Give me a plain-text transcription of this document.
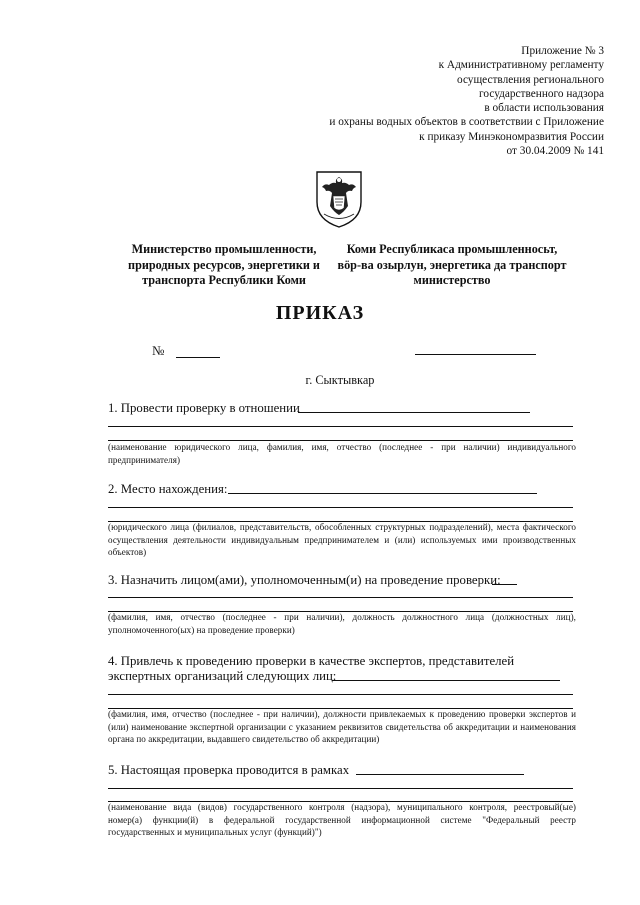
Приложение № 3
к Административному регламенту
осуществления регионального
государственного надзора
в области использования
и охраны водных объектов в соответствии с Приложение
к приказу Минэкономразвития России
от 30.04.2009 № 141
Министерство промышленности,
природных ресурсов, энергетики и
транспорта Республики Коми
Коми Республикаса промышленносьт,
вӧр-ва озырлун, энергетика да транспорт
министерство
ПРИКАЗ
№
г. Сыктывкар
1. Провести проверку в отношении
(наименование юридического лица, фамилия, имя, отчество (последнее - при наличии) индивидуального предпринимателя)
2. Место нахождения:
(юридического лица (филиалов, представительств, обособленных структурных подразделений), места фактического осуществления деятельности индивидуальным предпринимателем и (или) используемых ими производственных объектов)
3. Назначить лицом(ами), уполномоченным(и) на проведение проверки:
(фамилия, имя, отчество (последнее - при наличии), должность должностного лица (должностных лиц), уполномоченного(ых) на проведение проверки)
4. Привлечь к проведению проверки в качестве экспертов, представителей
экспертных организаций следующих лиц:
(фамилия, имя, отчество (последнее - при наличии), должности привлекаемых к проведению проверки экспертов и (или) наименование экспертной организации с указанием реквизитов свидетельства об аккредитации и наименования органа по аккредитации, выдавшего свидетельство об аккредитации)
5. Настоящая проверка проводится в рамках
(наименование вида (видов) государственного контроля (надзора), муниципального контроля, реестровый(ые) номер(а) функции(й) в федеральной государственной информационной системе "Федеральный реестр государственных и муниципальных услуг (функций)")
